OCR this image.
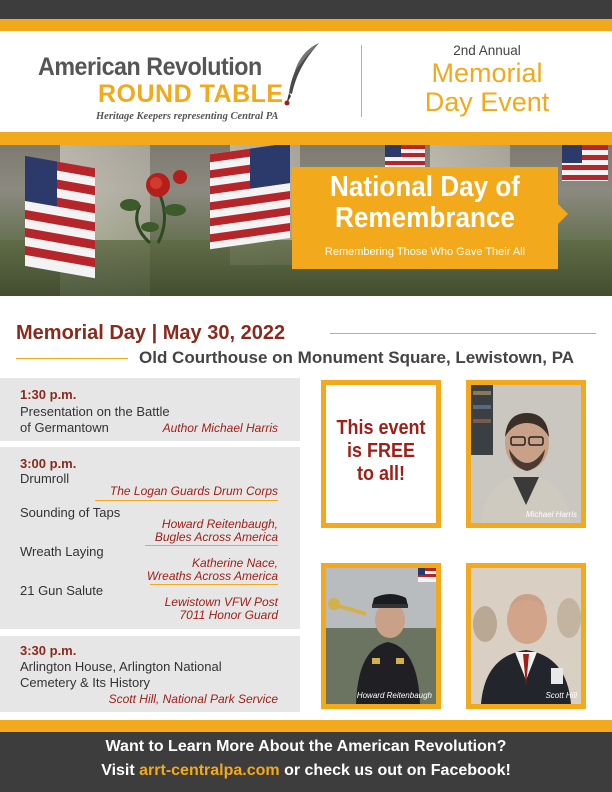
American Revolution
ROUND TABLE
Heritage Keepers representing Central PA
2nd Annual
Memorial
Day Event
National Day of
Remembrance
Remembering Those Who Gave Their All
Memorial Day | May 30, 2022
Old Courthouse on Monument Square, Lewistown, PA
1:30 p.m.
Presentation on the Battle
of Germantown	Author Michael Harris
3:00 p.m.
Drumroll
The Logan Guards Drum Corps
Sounding of Taps
Howard Reitenbaugh,
Bugles Across America
Wreath Laying
Katherine Nace,
Wreaths Across America
21 Gun Salute
Lewistown VFW Post
7011 Honor Guard
3:30 p.m.
Arlington House, Arlington National
Cemetery & Its History
Scott Hill, National Park Service
This event
is FREE
to all!
Michael Harris
Howard Reitenbaugh	Scott Hill
Want to Learn More About the American Revolution?
Visit arrt-centralpa.com or check us out on Facebook!
